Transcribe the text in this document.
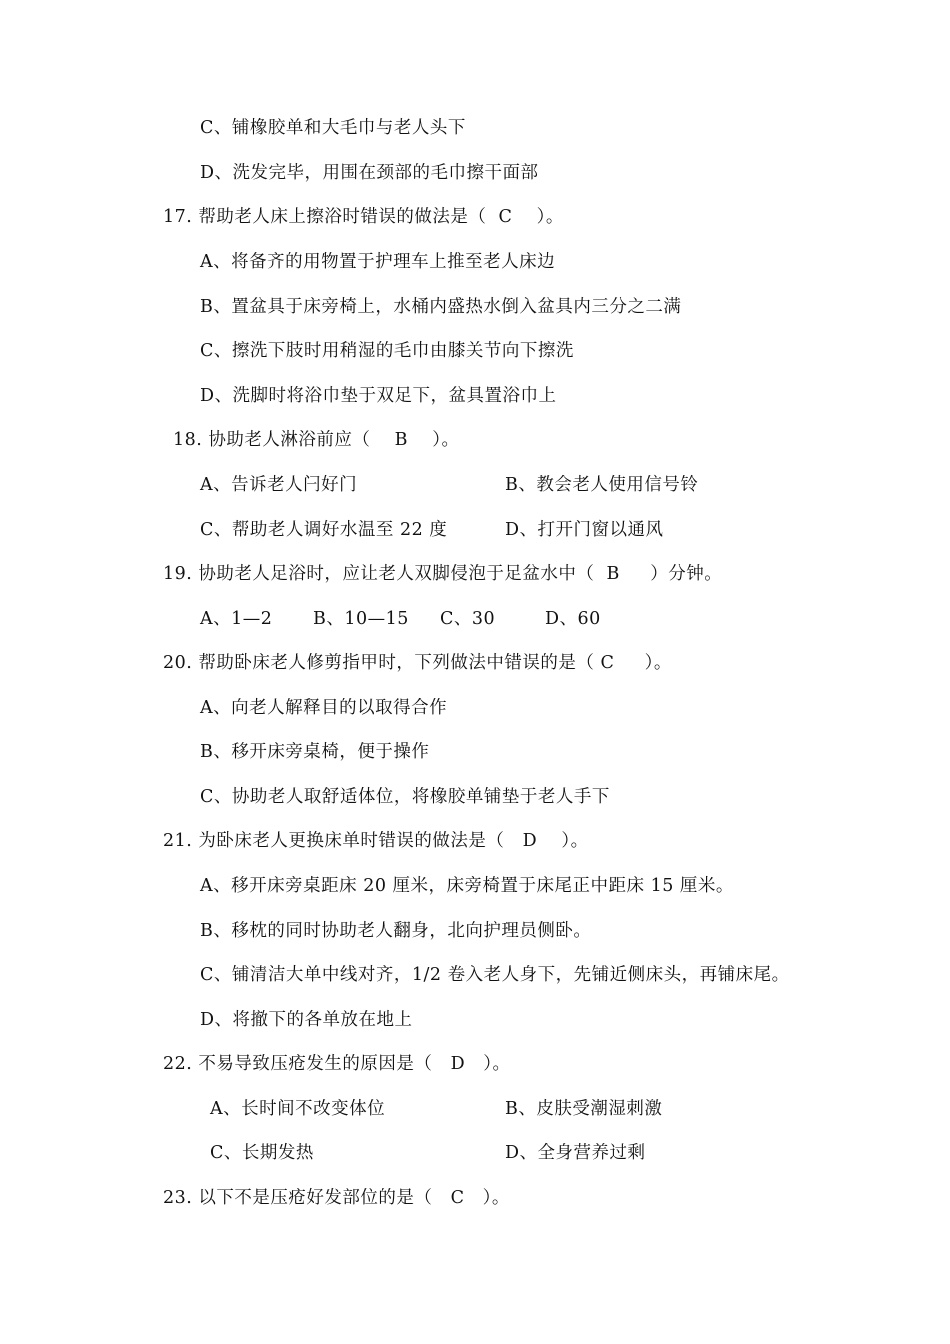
C、铺橡胶单和大毛巾与老人头下
D、洗发完毕，用围在颈部的毛巾擦干面部
17. 帮助老人床上擦浴时错误的做法是（  C    ）。
A、将备齐的用物置于护理车上推至老人床边
B、置盆具于床旁椅上，水桶内盛热水倒入盆具内三分之二满
C、擦洗下肢时用稍湿的毛巾由膝关节向下擦洗
D、洗脚时将浴巾垫于双足下，盆具置浴巾上
18. 协助老人淋浴前应（    B    ）。
A、告诉老人闩好门	B、教会老人使用信号铃
C、帮助老人调好水温至 22 度	D、打开门窗以通风
19. 协助老人足浴时，应让老人双脚侵泡于足盆水中（  B     ）分钟。
A、1—2 B、10—15 C、30	D、60
20. 帮助卧床老人修剪指甲时，下列做法中错误的是（ C     ）。
A、向老人解释目的以取得合作
B、移开床旁桌椅，便于操作
C、协助老人取舒适体位，将橡胶单铺垫于老人手下
21. 为卧床老人更换床单时错误的做法是（   D    ）。
A、移开床旁桌距床 20 厘米，床旁椅置于床尾正中距床 15 厘米。
B、移枕的同时协助老人翻身，北向护理员侧卧。
C、铺清洁大单中线对齐，1/2 卷入老人身下，先铺近侧床头，再铺床尾。
D、将撤下的各单放在地上
22. 不易导致压疮发生的原因是（   D   ）。
A、长时间不改变体位	B、皮肤受潮湿刺激
C、长期发热	D、全身营养过剩
23. 以下不是压疮好发部位的是（   C   ）。
